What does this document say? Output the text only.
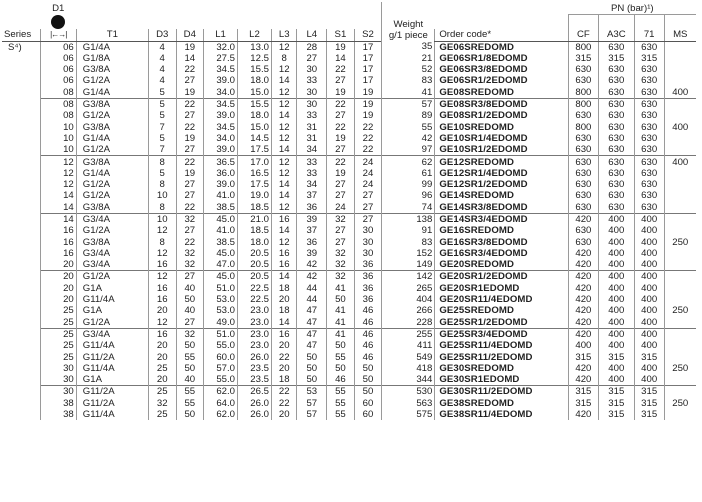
	D1										Weight
g/1 piece		PN (bar)¹)			

Series	|←→|	T1	D3	D4	L1	L2	L3	L4	S1	S2		Order code*	CF	A3C	71	MS
S⁴)	06	G1/4A	4	19	32.0	13.0	12	28	19	17	35	GE06SREDOMD	800	630	630	
	06	G1/8A	4	14	27.5	12.5	8	27	14	17	21	GE06SR1/8EDOMD	315	315	315	
	06	G3/8A	4	22	34.5	15.5	12	30	22	17	52	GE06SR3/8EDOMD	630	630	630	
	06	G1/2A	4	27	39.0	18.0	14	33	27	17	83	GE06SR1/2EDOMD	630	630	630	
	08	G1/4A	5	19	34.0	15.0	12	30	19	19	41	GE08SREDOMD	800	630	630	400
	08	G3/8A	5	22	34.5	15.5	12	30	22	19	57	GE08SR3/8EDOMD	800	630	630	
	08	G1/2A	5	27	39.0	18.0	14	33	27	19	89	GE08SR1/2EDOMD	630	630	630	
	10	G3/8A	7	22	34.5	15.0	12	31	22	22	55	GE10SREDOMD	800	630	630	400
	10	G1/4A	5	19	34.0	14.5	12	31	19	22	42	GE10SR1/4EDOMD	630	630	630	
	10	G1/2A	7	27	39.0	17.5	14	34	27	22	97	GE10SR1/2EDOMD	630	630	630	
	12	G3/8A	8	22	36.5	17.0	12	33	22	24	62	GE12SREDOMD	630	630	630	400
	12	G1/4A	5	19	36.0	16.5	12	33	19	24	61	GE12SR1/4EDOMD	630	630	630	
	12	G1/2A	8	27	39.0	17.5	14	34	27	24	99	GE12SR1/2EDOMD	630	630	630	
	14	G1/2A	10	27	41.0	19.0	14	37	27	27	96	GE14SREDOMD	630	630	630	
	14	G3/8A	8	22	38.5	18.5	12	36	24	27	74	GE14SR3/8EDOMD	630	630	630	
	14	G3/4A	10	32	45.0	21.0	16	39	32	27	138	GE14SR3/4EDOMD	420	400	400	
	16	G1/2A	12	27	41.0	18.5	14	37	27	30	91	GE16SREDOMD	630	400	400	
	16	G3/8A	8	22	38.5	18.0	12	36	27	30	83	GE16SR3/8EDOMD	630	400	400	250
	16	G3/4A	12	32	45.0	20.5	16	39	32	30	152	GE16SR3/4EDOMD	420	400	400	
	20	G3/4A	16	32	47.0	20.5	16	42	32	36	149	GE20SREDOMD	420	400	400	
	20	G1/2A	12	27	45.0	20.5	14	42	32	36	142	GE20SR1/2EDOMD	420	400	400	
	20	G1A	16	40	51.0	22.5	18	44	41	36	265	GE20SR1EDOMD	420	400	400	
	20	G11/4A	16	50	53.0	22.5	20	44	50	36	404	GE20SR11/4EDOMD	420	400	400	
	25	G1A	20	40	53.0	23.0	18	47	41	46	266	GE25SREDOMD	420	400	400	250
	25	G1/2A	12	27	49.0	23.0	14	47	41	46	228	GE25SR1/2EDOMD	420	400	400	
	25	G3/4A	16	32	51.0	23.0	16	47	41	46	255	GE25SR3/4EDOMD	420	400	400	
	25	G11/4A	20	50	55.0	23.0	20	47	50	46	411	GE25SR11/4EDOMD	400	400	400	
	25	G11/2A	20	55	60.0	26.0	22	50	55	46	549	GE25SR11/2EDOMD	315	315	315	
	30	G11/4A	25	50	57.0	23.5	20	50	50	50	418	GE30SREDOMD	420	400	400	250
	30	G1A	20	40	55.0	23.5	18	50	46	50	344	GE30SR1EDOMD	420	400	400	
	30	G11/2A	25	55	62.0	26.5	22	53	55	50	530	GE30SR11/2EDOMD	315	315	315	
	38	G11/2A	32	55	64.0	26.0	22	57	55	60	563	GE38SREDOMD	315	315	315	250
	38	G11/4A	25	50	62.0	26.0	20	57	55	60	575	GE38SR11/4EDOMD	420	315	315	
